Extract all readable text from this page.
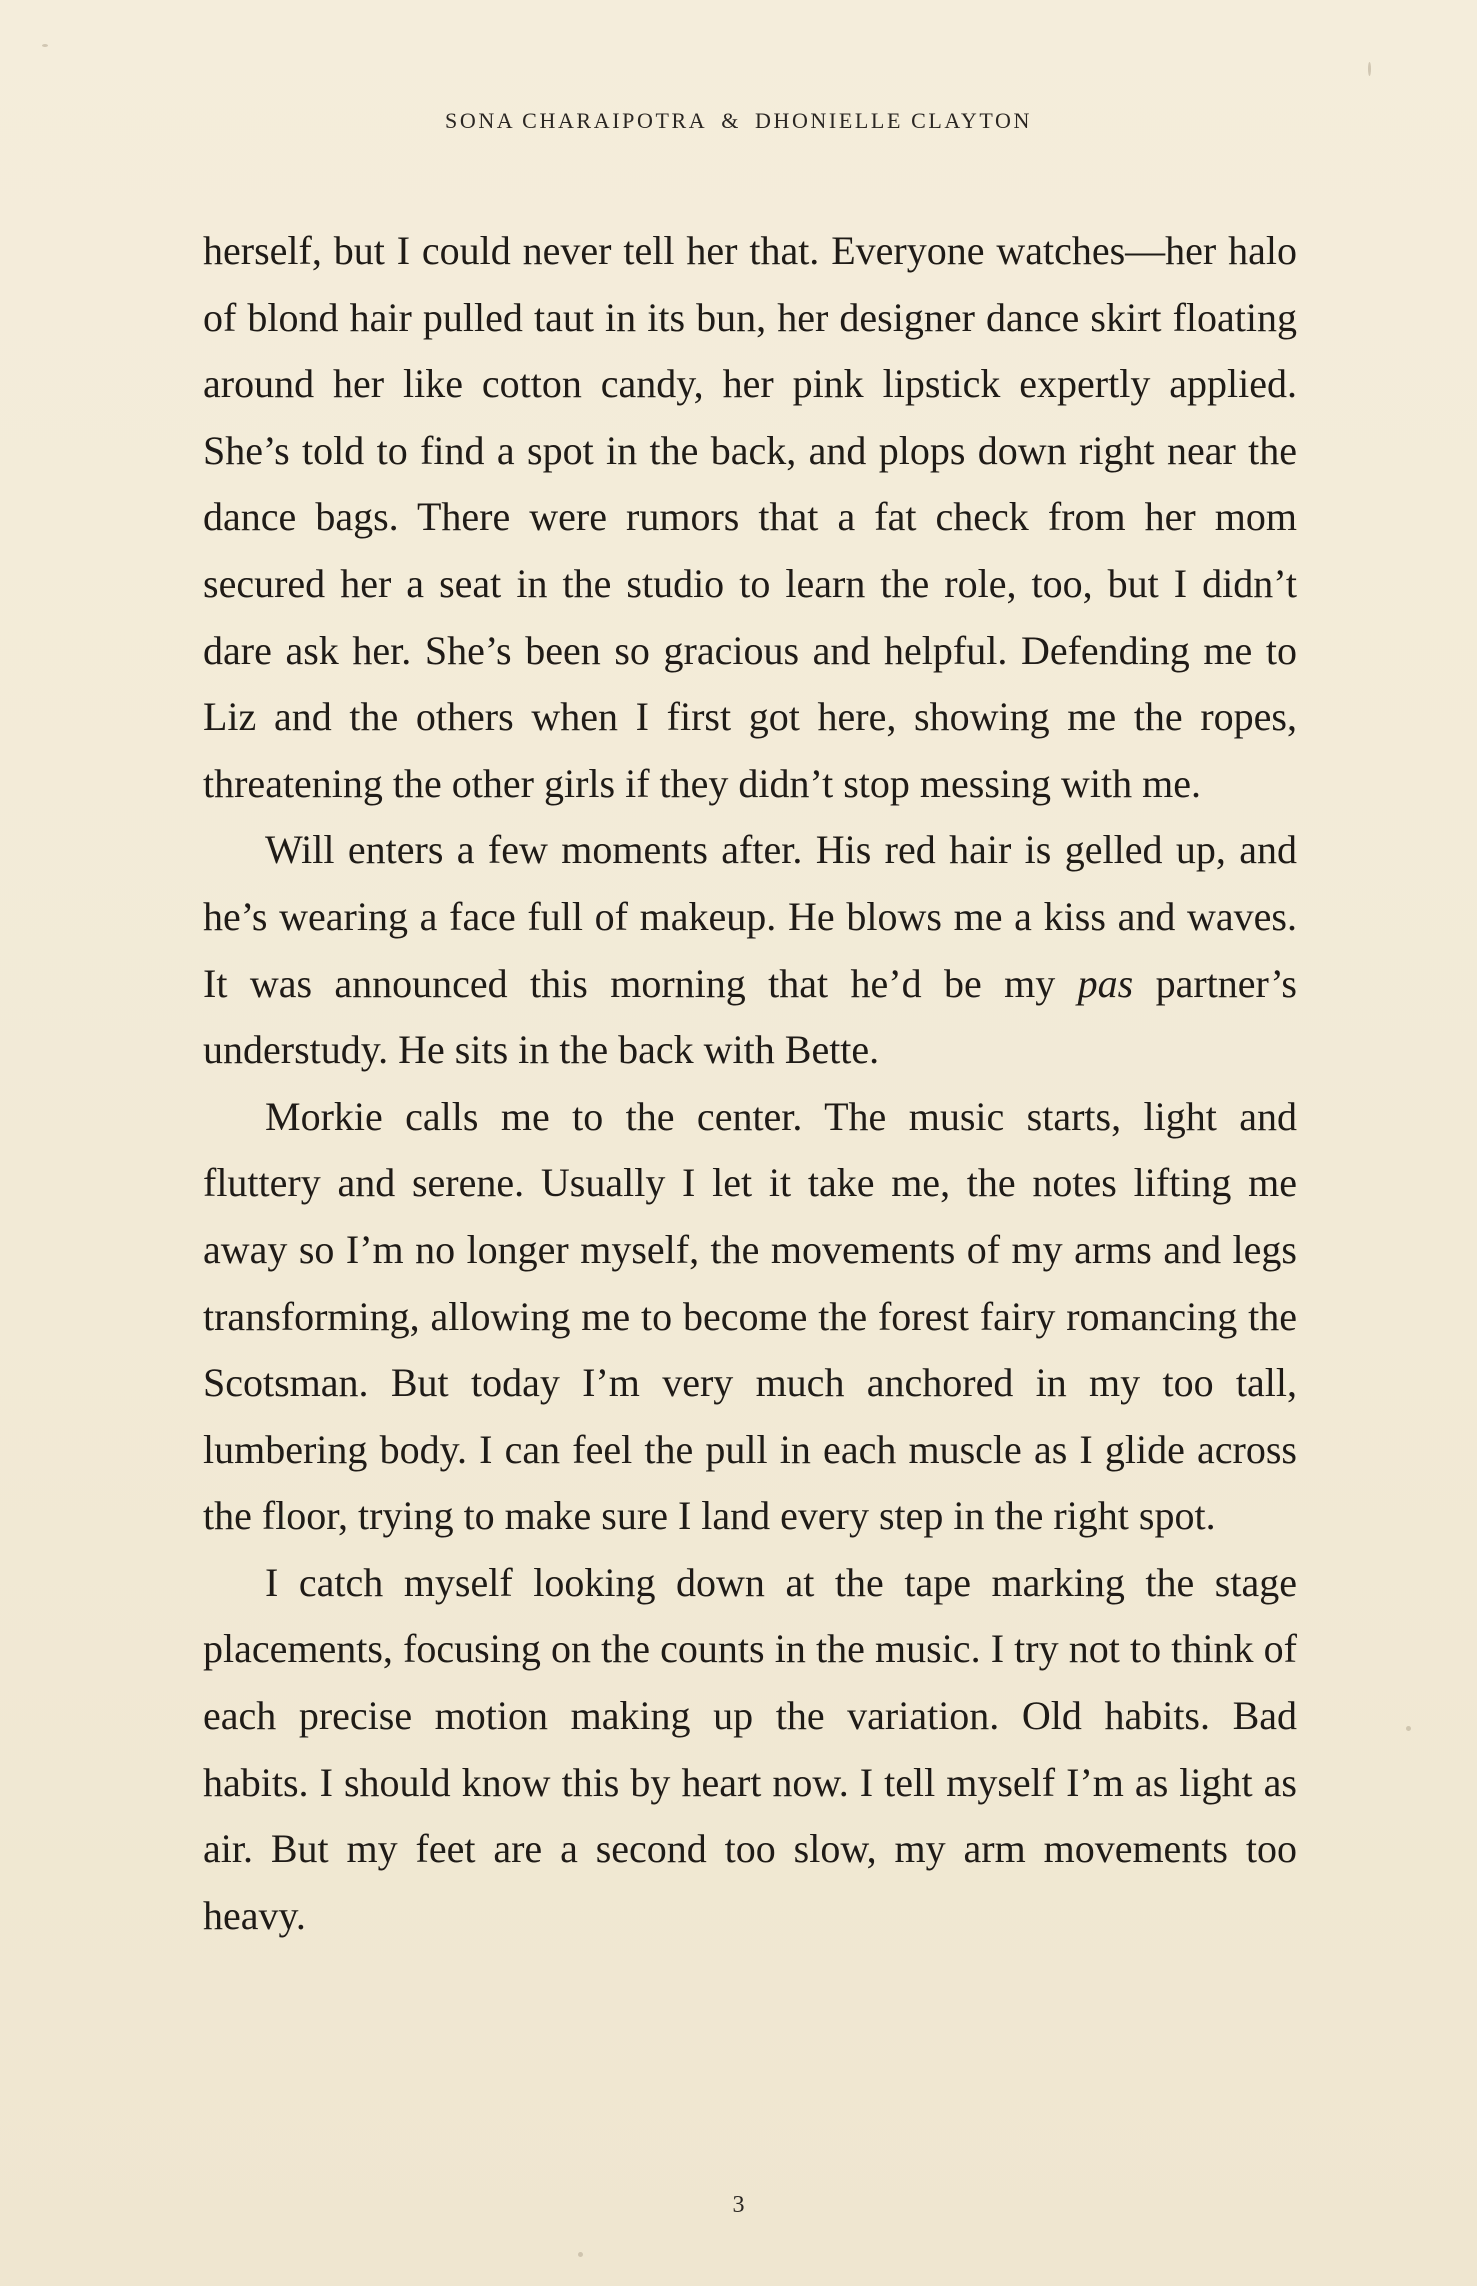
SONA CHARAIPOTRA & DHONIELLE CLAYTON

herself, but I could never tell her that. Everyone watches—her halo of blond hair pulled taut in its bun, her designer dance skirt floating around her like cotton candy, her pink lipstick expertly applied. She’s told to find a spot in the back, and plops down right near the dance bags. There were rumors that a fat check from her mom secured her a seat in the studio to learn the role, too, but I didn’t dare ask her. She’s been so gracious and helpful. Defending me to Liz and the others when I first got here, showing me the ropes, threatening the other girls if they didn’t stop messing with me.

Will enters a few moments after. His red hair is gelled up, and he’s wearing a face full of makeup. He blows me a kiss and waves. It was announced this morning that he’d be my pas partner’s understudy. He sits in the back with Bette.

Morkie calls me to the center. The music starts, light and fluttery and serene. Usually I let it take me, the notes lifting me away so I’m no longer myself, the movements of my arms and legs transforming, allowing me to become the forest fairy romancing the Scotsman. But today I’m very much anchored in my too tall, lumbering body. I can feel the pull in each muscle as I glide across the floor, trying to make sure I land every step in the right spot.

I catch myself looking down at the tape marking the stage placements, focusing on the counts in the music. I try not to think of each precise motion making up the variation. Old habits. Bad habits. I should know this by heart now. I tell myself I’m as light as air. But my feet are a second too slow, my arm movements too heavy.

3
